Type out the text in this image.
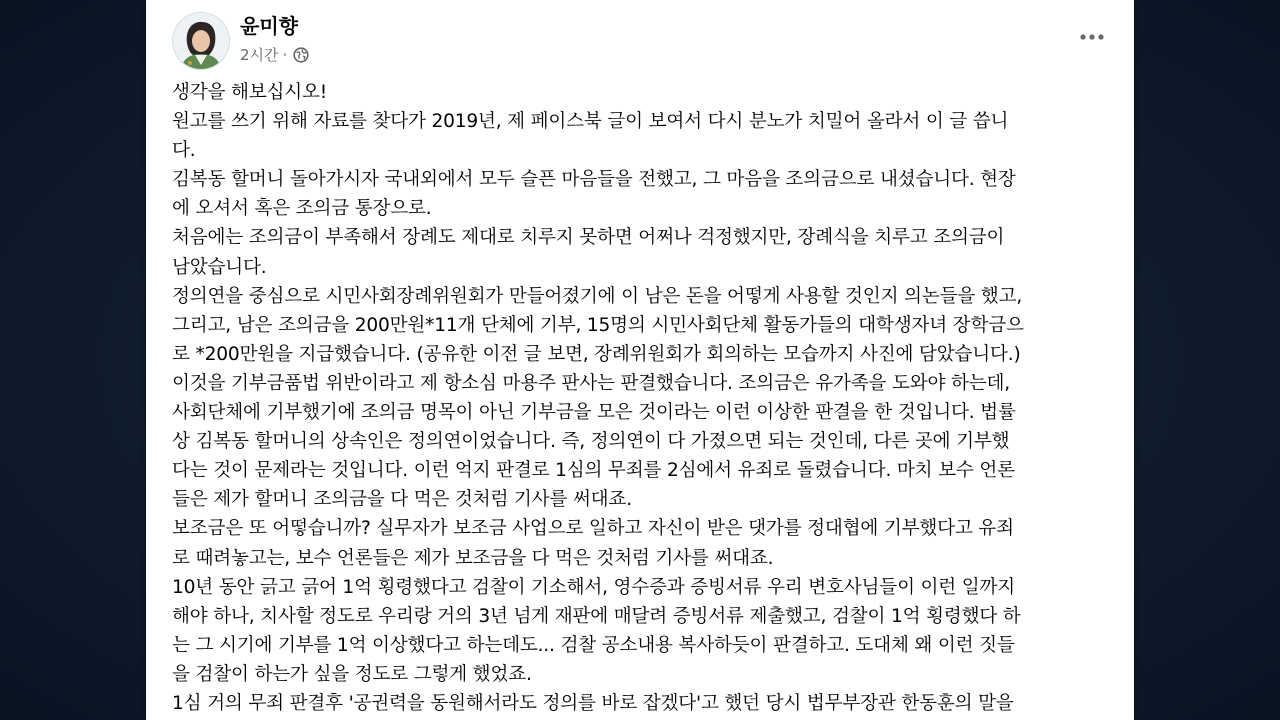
윤미향
2시간 ·

생각을 해보십시오!

원고를 쓰기 위해 자료를 찾다가 2019년, 제 페이스북 글이 보여서 다시 분노가 치밀어 올라서 이 글 씁니

다.

김복동 할머니 돌아가시자 국내외에서 모두 슬픈 마음들을 전했고, 그 마음을 조의금으로 내셨습니다. 현장

에 오셔서 혹은 조의금 통장으로.

처음에는 조의금이 부족해서 장례도 제대로 치루지 못하면 어쩌나 걱정했지만, 장례식을 치루고 조의금이

남았습니다.

정의연을 중심으로 시민사회장례위원회가 만들어졌기에 이 남은 돈을 어떻게 사용할 것인지 의논들을 했고,

그리고, 남은 조의금을 200만원*11개 단체에 기부, 15명의 시민사회단체 활동가들의 대학생자녀 장학금으

로 *200만원을 지급했습니다. (공유한 이전 글 보면, 장례위원회가 회의하는 모습까지 사진에 담았습니다.)

이것을 기부금품법 위반이라고 제 항소심 마용주 판사는 판결했습니다. 조의금은 유가족을 도와야 하는데,

사회단체에 기부했기에 조의금 명목이 아닌 기부금을 모은 것이라는 이런 이상한 판결을 한 것입니다. 법률

상 김복동 할머니의 상속인은 정의연이었습니다. 즉, 정의연이 다 가졌으면 되는 것인데, 다른 곳에 기부했

다는 것이 문제라는 것입니다. 이런 억지 판결로 1심의 무죄를 2심에서 유죄로 돌렸습니다. 마치 보수 언론

들은 제가 할머니 조의금을 다 먹은 것처럼 기사를 써대죠.

보조금은 또 어떻습니까? 실무자가 보조금 사업으로 일하고 자신이 받은 댓가를 정대협에 기부했다고 유죄

로 때려놓고는, 보수 언론들은 제가 보조금을 다 먹은 것처럼 기사를 써대죠.

10년 동안 긁고 긁어 1억 횡령했다고 검찰이 기소해서, 영수증과 증빙서류 우리 변호사님들이 이런 일까지

해야 하나, 치사할 정도로 우리랑 거의 3년 넘게 재판에 매달려 증빙서류 제출했고, 검찰이 1억 횡령했다 하

는 그 시기에 기부를 1억 이상했다고 하는데도... 검찰 공소내용 복사하듯이 판결하고. 도대체 왜 이런 짓들

을 검찰이 하는가 싶을 정도로 그렇게 했었죠.

1심 거의 무죄 판결후 '공권력을 동원해서라도 정의를 바로 잡겠다'고 했던 당시 법무부장관 한동훈의 말을
